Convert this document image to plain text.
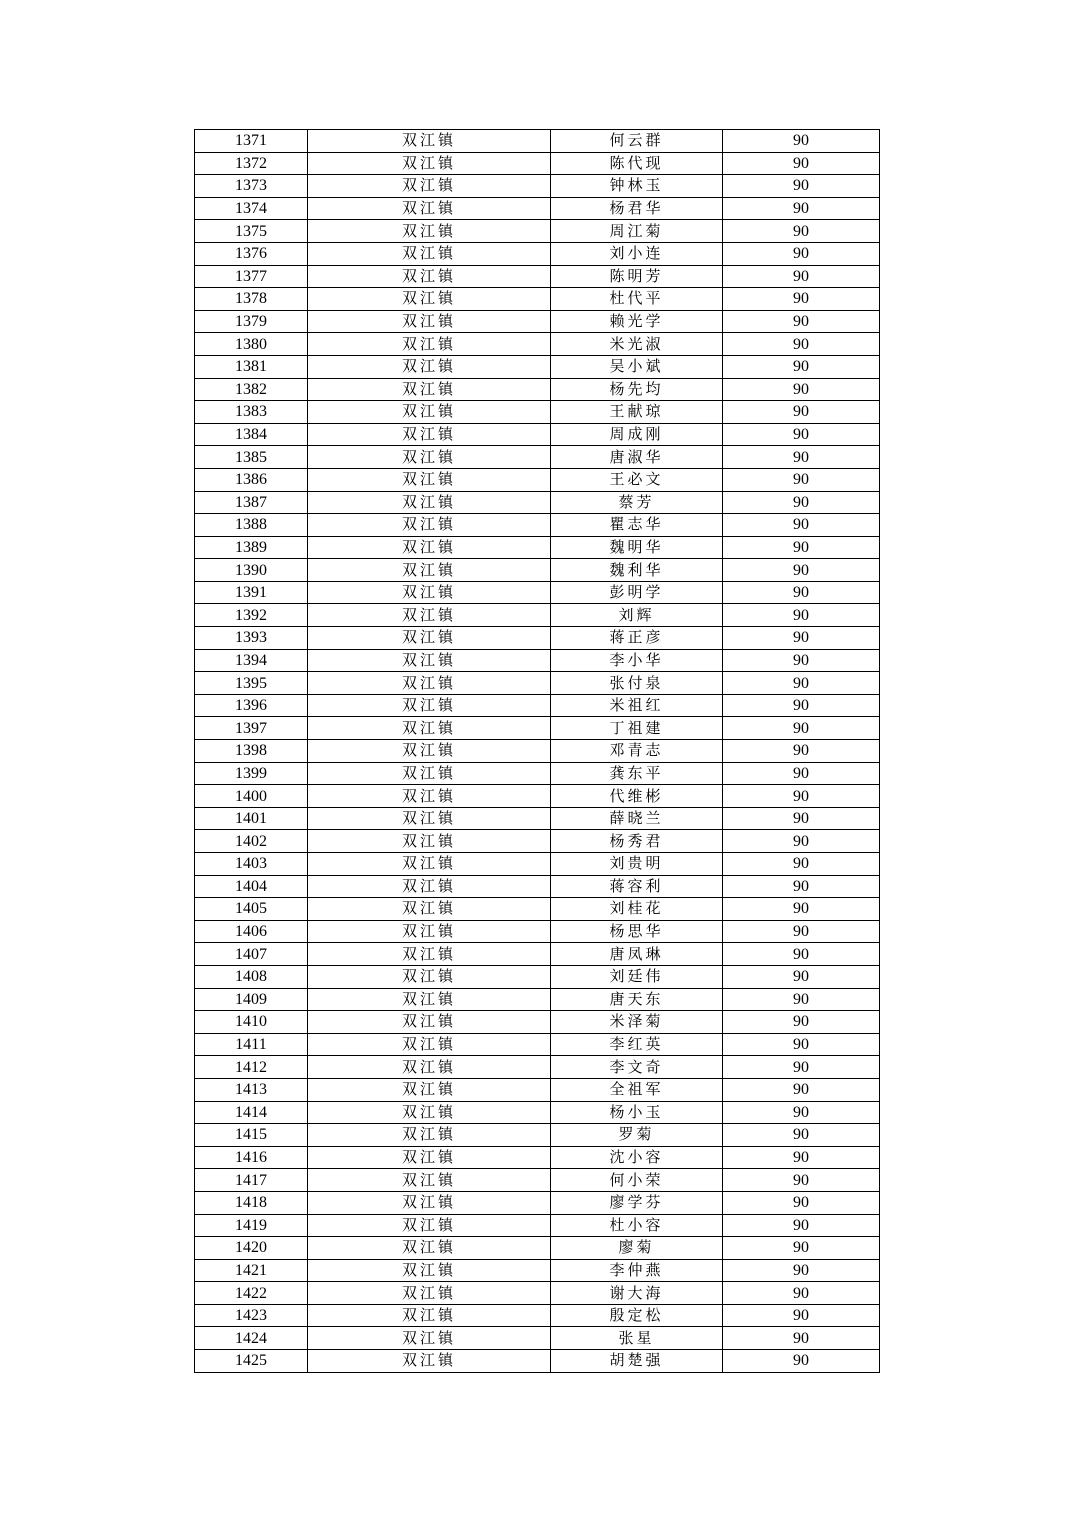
1371	双江镇	何云群	90
1372	双江镇	陈代现	90
1373	双江镇	钟林玉	90
1374	双江镇	杨君华	90
1375	双江镇	周江菊	90
1376	双江镇	刘小连	90
1377	双江镇	陈明芳	90
1378	双江镇	杜代平	90
1379	双江镇	赖光学	90
1380	双江镇	米光淑	90
1381	双江镇	吴小斌	90
1382	双江镇	杨先均	90
1383	双江镇	王献琼	90
1384	双江镇	周成刚	90
1385	双江镇	唐淑华	90
1386	双江镇	王必文	90
1387	双江镇	蔡芳	90
1388	双江镇	瞿志华	90
1389	双江镇	魏明华	90
1390	双江镇	魏利华	90
1391	双江镇	彭明学	90
1392	双江镇	刘辉	90
1393	双江镇	蒋正彦	90
1394	双江镇	李小华	90
1395	双江镇	张付泉	90
1396	双江镇	米祖红	90
1397	双江镇	丁祖建	90
1398	双江镇	邓青志	90
1399	双江镇	龚东平	90
1400	双江镇	代维彬	90
1401	双江镇	薛晓兰	90
1402	双江镇	杨秀君	90
1403	双江镇	刘贵明	90
1404	双江镇	蒋容利	90
1405	双江镇	刘桂花	90
1406	双江镇	杨思华	90
1407	双江镇	唐凤琳	90
1408	双江镇	刘廷伟	90
1409	双江镇	唐天东	90
1410	双江镇	米泽菊	90
1411	双江镇	李红英	90
1412	双江镇	李文奇	90
1413	双江镇	全祖军	90
1414	双江镇	杨小玉	90
1415	双江镇	罗菊	90
1416	双江镇	沈小容	90
1417	双江镇	何小荣	90
1418	双江镇	廖学芬	90
1419	双江镇	杜小容	90
1420	双江镇	廖菊	90
1421	双江镇	李仲燕	90
1422	双江镇	谢大海	90
1423	双江镇	殷定松	90
1424	双江镇	张星	90
1425	双江镇	胡楚强	90
